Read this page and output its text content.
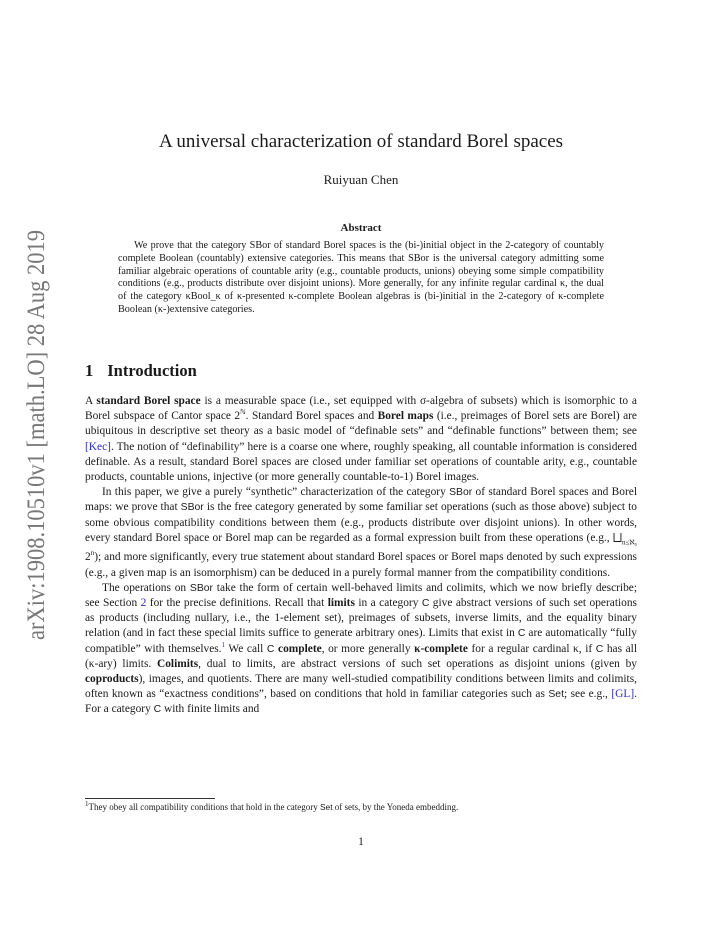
arXiv:1908.10510v1 [math.LO] 28 Aug 2019
A universal characterization of standard Borel spaces
Ruiyuan Chen
Abstract

We prove that the category SBor of standard Borel spaces is the (bi-)initial object in the 2-category of countably complete Boolean (countably) extensive categories. This means that SBor is the universal category admitting some familiar algebraic operations of countable arity (e.g., countable products, unions) obeying some simple compatibility conditions (e.g., products distribute over disjoint unions). More generally, for any infinite regular cardinal κ, the dual of the category κBool_κ of κ-presented κ-complete Boolean algebras is (bi-)initial in the 2-category of κ-complete Boolean (κ-)extensive categories.

1 Introduction

A standard Borel space is a measurable space (i.e., set equipped with σ-algebra of subsets) which is isomorphic to a Borel subspace of Cantor space $2^ℕ$. Standard Borel spaces and Borel maps (i.e., preimages of Borel sets are Borel) are ubiquitous in descriptive set theory as a basic model of “definable sets” and “definable functions” between them; see [Kec]. The notion of “definability” here is a coarse one where, roughly speaking, all countable information is considered definable. As a result, standard Borel spaces are closed under familiar set operations of countable arity, e.g., countable products, countable unions, injective (or more generally countable-to-1) Borel images.

In this paper, we give a purely “synthetic” characterization of the category SBor of standard Borel spaces and Borel maps: we prove that SBor is the free category generated by some familiar set operations (such as those above) subject to some obvious compatibility conditions between them (e.g., products distribute over disjoint unions). In other words, every standard Borel space or Borel map can be regarded as a formal expression built from these operations (e.g., $⨆_{n\le ℵ_0}$ 2$^n$); and more significantly, every true statement about standard Borel spaces or Borel maps denoted by such expressions (e.g., a given map is an isomorphism) can be deduced in a purely formal manner from the compatibility conditions.

The operations on SBor take the form of certain well-behaved limits and colimits, which we now briefly describe; see Section 2 for the precise definitions. Recall that limits in a category C give abstract versions of such set operations as products (including nullary, i.e., the 1-element set), preimages of subsets, inverse limits, and the equality binary relation (and in fact these special limits suffice to generate arbitrary ones). Limits that exist in C are automatically “fully compatible” with themselves.$^1$ We call C complete, or more generally κ-complete for a regular cardinal κ, if C has all (κ-ary) limits. Colimits, dual to limits, are abstract versions of such set operations as disjoint unions (given by coproducts), images, and quotients. There are many well-studied compatibility conditions between limits and colimits, often known as “exactness conditions”, based on conditions that hold in familiar categories such as Set; see e.g., [GL]. For a category C with finite limits and

$^1$They obey all compatibility conditions that hold in the category Set of sets, by the Yoneda embedding.
1
